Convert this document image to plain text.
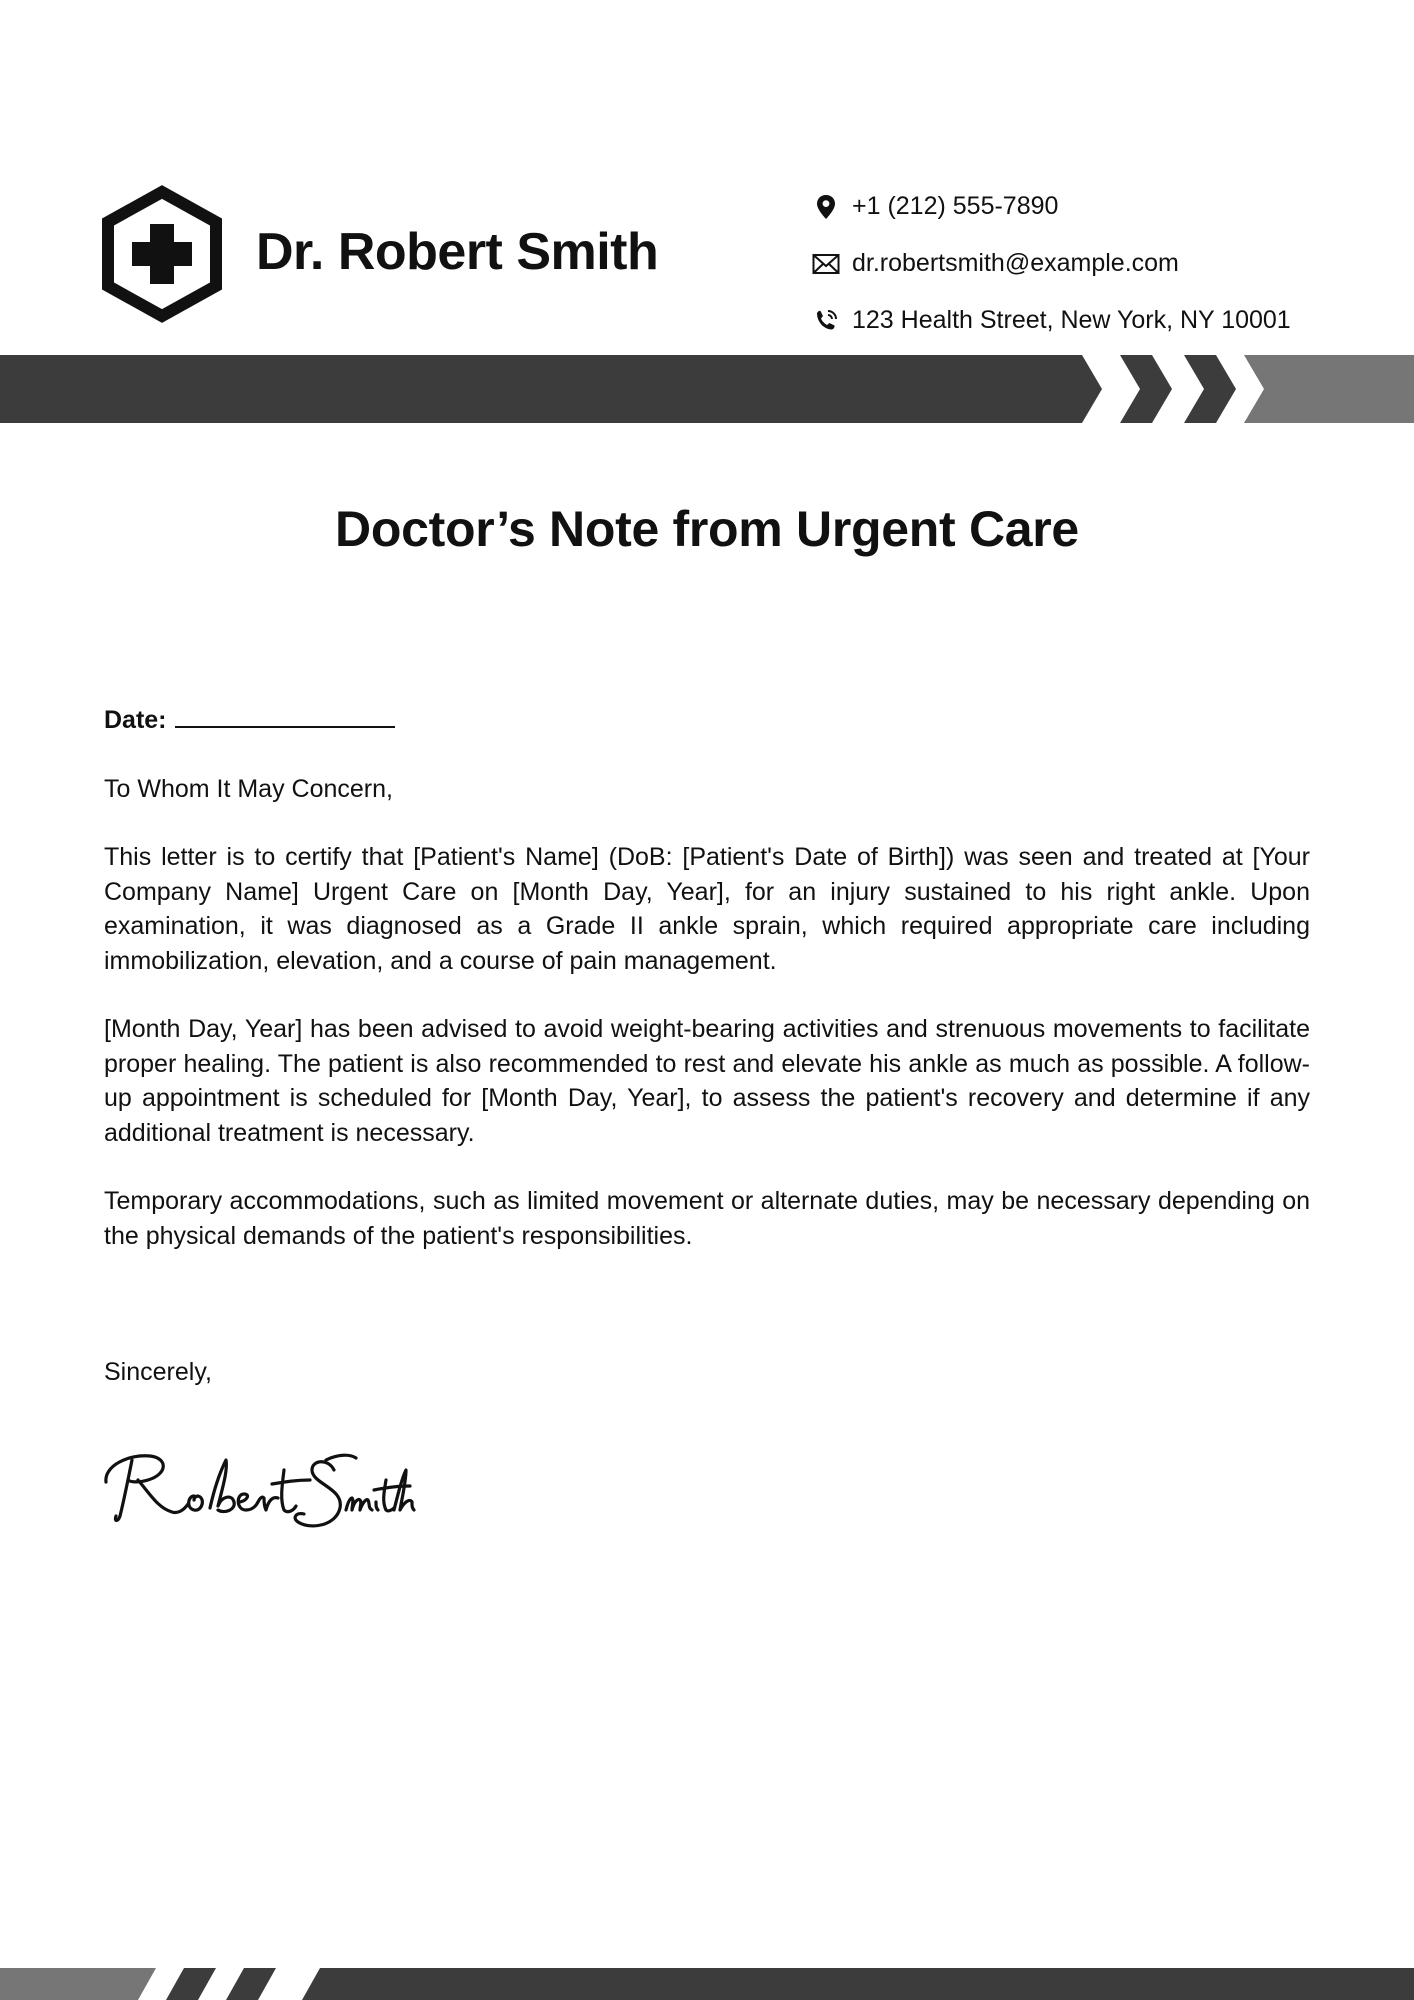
Dr. Robert Smith
+1 (212) 555-7890
dr.robertsmith@example.com
123 Health Street, New York, NY 10001
Doctor’s Note from Urgent Care
Date:

To Whom It May Concern,

This letter is to certify that [Patient's Name] (DoB: [Patient's Date of Birth]) was seen and treated at [Your Company Name] Urgent Care on [Month Day, Year], for an injury sustained to his right ankle. Upon examination, it was diagnosed as a Grade II ankle sprain, which required appropriate care including immobilization, elevation, and a course of pain management.

[Month Day, Year] has been advised to avoid weight-bearing activities and strenuous movements to facilitate proper healing. The patient is also recommended to rest and elevate his ankle as much as possible. A follow-up appointment is scheduled for [Month Day, Year], to assess the patient's recovery and determine if any additional treatment is necessary.

Temporary accommodations, such as limited movement or alternate duties, may be necessary depending on the physical demands of the patient's responsibilities.

Sincerely,
